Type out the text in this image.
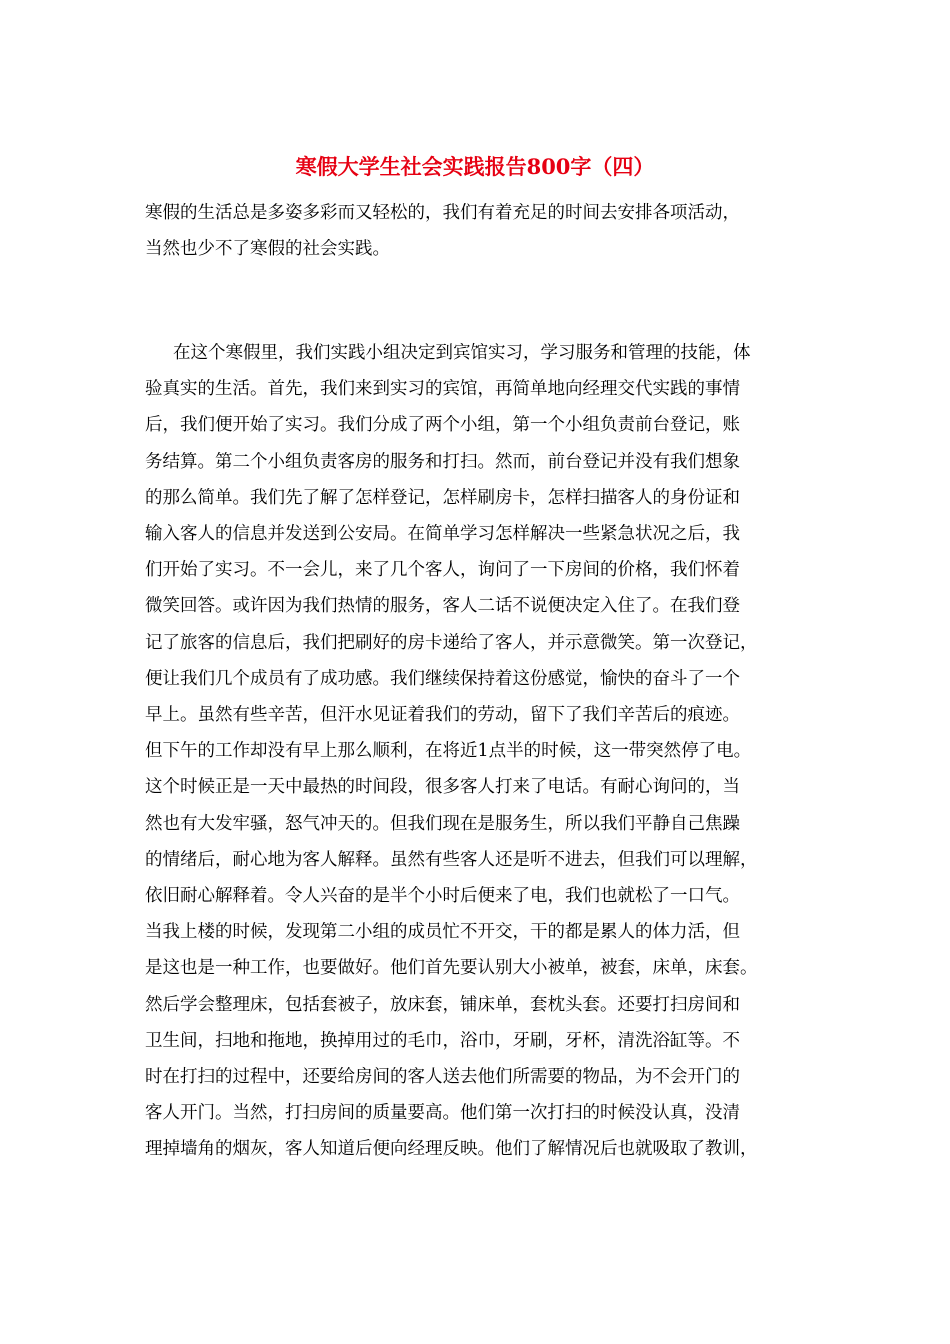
寒假大学生社会实践报告800字（四）
寒假的生活总是多姿多彩而又轻松的，我们有着充足的时间去安排各项活动，
当然也少不了寒假的社会实践。
在这个寒假里，我们实践小组决定到宾馆实习，学习服务和管理的技能，体
验真实的生活。首先，我们来到实习的宾馆，再简单地向经理交代实践的事情
后，我们便开始了实习。我们分成了两个小组，第一个小组负责前台登记，账
务结算。第二个小组负责客房的服务和打扫。然而，前台登记并没有我们想象
的那么简单。我们先了解了怎样登记，怎样刷房卡，怎样扫描客人的身份证和
输入客人的信息并发送到公安局。在简单学习怎样解决一些紧急状况之后，我
们开始了实习。不一会儿，来了几个客人，询问了一下房间的价格，我们怀着
微笑回答。或许因为我们热情的服务，客人二话不说便决定入住了。在我们登
记了旅客的信息后，我们把刷好的房卡递给了客人，并示意微笑。第一次登记，
便让我们几个成员有了成功感。我们继续保持着这份感觉，愉快的奋斗了一个
早上。虽然有些辛苦，但汗水见证着我们的劳动，留下了我们辛苦后的痕迹。
但下午的工作却没有早上那么顺利，在将近1点半的时候，这一带突然停了电。
这个时候正是一天中最热的时间段，很多客人打来了电话。有耐心询问的，当
然也有大发牢骚，怒气冲天的。但我们现在是服务生，所以我们平静自己焦躁
的情绪后，耐心地为客人解释。虽然有些客人还是听不进去，但我们可以理解，
依旧耐心解释着。令人兴奋的是半个小时后便来了电，我们也就松了一口气。
当我上楼的时候，发现第二小组的成员忙不开交，干的都是累人的体力活，但
是这也是一种工作，也要做好。他们首先要认别大小被单，被套，床单，床套。
然后学会整理床，包括套被子，放床套，铺床单，套枕头套。还要打扫房间和
卫生间，扫地和拖地，换掉用过的毛巾，浴巾，牙刷，牙杯，清洗浴缸等。不
时在打扫的过程中，还要给房间的客人送去他们所需要的物品，为不会开门的
客人开门。当然，打扫房间的质量要高。他们第一次打扫的时候没认真，没清
理掉墙角的烟灰，客人知道后便向经理反映。他们了解情况后也就吸取了教训，
